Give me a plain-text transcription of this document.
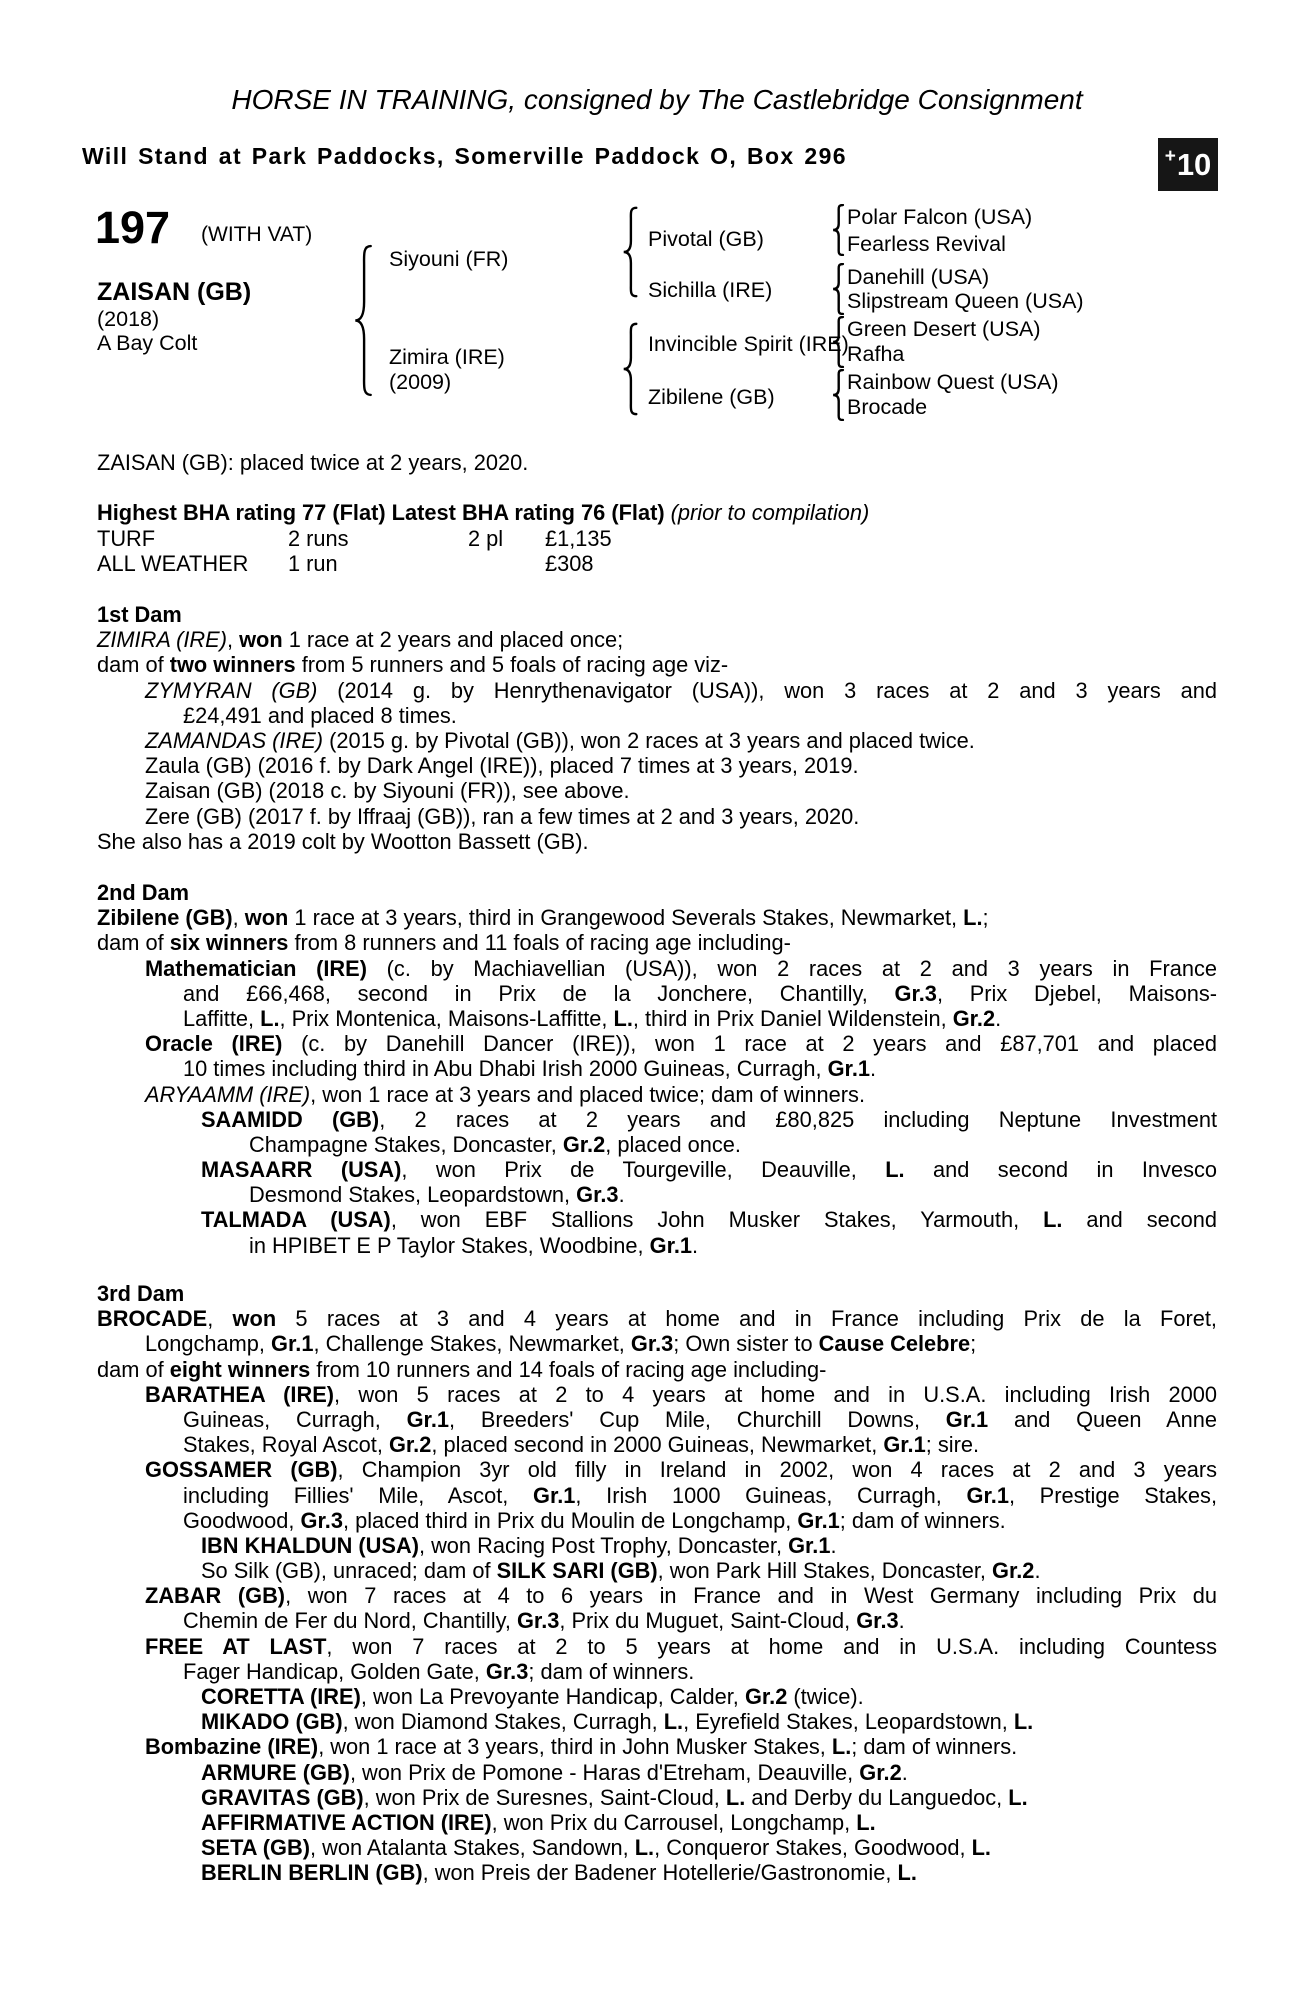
HORSE IN TRAINING, consigned by The Castlebridge Consignment
Will Stand at Park Paddocks, Somerville Paddock O, Box 296	+ 10
197 (WITH VAT)
ZAISAN (GB)
(2018)
A Bay Colt
Siyouni (FR)
Zimira (IRE)
(2009)
Pivotal (GB)
Sichilla (IRE)
Invincible Spirit (IRE)
Zibilene (GB)
Polar Falcon (USA)
Fearless Revival
Danehill (USA)
Slipstream Queen (USA)
Green Desert (USA)
Rafha
Rainbow Quest (USA)
Brocade
ZAISAN (GB): placed twice at 2 years, 2020.
Highest BHA rating 77 (Flat) Latest BHA rating 76 (Flat) (prior to compilation)
TURF	2 runs	2 pl £1,135
ALL WEATHER 1 run	£308
1st Dam
ZIMIRA (IRE), won 1 race at 2 years and placed once;
dam of two winners from 5 runners and 5 foals of racing age viz-
ZYMYRAN (GB) (2014 g. by Henrythenavigator (USA)), won 3 races at 2 and 3 years and
£24,491 and placed 8 times.
ZAMANDAS (IRE) (2015 g. by Pivotal (GB)), won 2 races at 3 years and placed twice.
Zaula (GB) (2016 f. by Dark Angel (IRE)), placed 7 times at 3 years, 2019.
Zaisan (GB) (2018 c. by Siyouni (FR)), see above.
Zere (GB) (2017 f. by Iffraaj (GB)), ran a few times at 2 and 3 years, 2020.
She also has a 2019 colt by Wootton Bassett (GB).
2nd Dam
Zibilene (GB), won 1 race at 3 years, third in Grangewood Severals Stakes, Newmarket, L.;
dam of six winners from 8 runners and 11 foals of racing age including-
Mathematician (IRE) (c. by Machiavellian (USA)), won 2 races at 2 and 3 years in France
and £66,468, second in Prix de la Jonchere, Chantilly, Gr.3, Prix Djebel, Maisons-
Laffitte, L., Prix Montenica, Maisons-Laffitte, L., third in Prix Daniel Wildenstein, Gr.2.
Oracle (IRE) (c. by Danehill Dancer (IRE)), won 1 race at 2 years and £87,701 and placed
10 times including third in Abu Dhabi Irish 2000 Guineas, Curragh, Gr.1.
ARYAAMM (IRE), won 1 race at 3 years and placed twice; dam of winners.
SAAMIDD (GB), 2 races at 2 years and £80,825 including Neptune Investment
Champagne Stakes, Doncaster, Gr.2, placed once.
MASAARR (USA), won Prix de Tourgeville, Deauville, L. and second in Invesco
Desmond Stakes, Leopardstown, Gr.3.
TALMADA (USA), won EBF Stallions John Musker Stakes, Yarmouth, L. and second
in HPIBET E P Taylor Stakes, Woodbine, Gr.1.
3rd Dam
BROCADE, won 5 races at 3 and 4 years at home and in France including Prix de la Foret,
Longchamp, Gr.1, Challenge Stakes, Newmarket, Gr.3; Own sister to Cause Celebre;
dam of eight winners from 10 runners and 14 foals of racing age including-
BARATHEA (IRE), won 5 races at 2 to 4 years at home and in U.S.A. including Irish 2000
Guineas, Curragh, Gr.1, Breeders' Cup Mile, Churchill Downs, Gr.1 and Queen Anne
Stakes, Royal Ascot, Gr.2, placed second in 2000 Guineas, Newmarket, Gr.1; sire.
GOSSAMER (GB), Champion 3yr old filly in Ireland in 2002, won 4 races at 2 and 3 years
including Fillies' Mile, Ascot, Gr.1, Irish 1000 Guineas, Curragh, Gr.1, Prestige Stakes,
Goodwood, Gr.3, placed third in Prix du Moulin de Longchamp, Gr.1; dam of winners.
IBN KHALDUN (USA), won Racing Post Trophy, Doncaster, Gr.1.
So Silk (GB), unraced; dam of SILK SARI (GB), won Park Hill Stakes, Doncaster, Gr.2.
ZABAR (GB), won 7 races at 4 to 6 years in France and in West Germany including Prix du
Chemin de Fer du Nord, Chantilly, Gr.3, Prix du Muguet, Saint-Cloud, Gr.3.
FREE AT LAST, won 7 races at 2 to 5 years at home and in U.S.A. including Countess
Fager Handicap, Golden Gate, Gr.3; dam of winners.
CORETTA (IRE), won La Prevoyante Handicap, Calder, Gr.2 (twice).
MIKADO (GB), won Diamond Stakes, Curragh, L., Eyrefield Stakes, Leopardstown, L.
Bombazine (IRE), won 1 race at 3 years, third in John Musker Stakes, L.; dam of winners.
ARMURE (GB), won Prix de Pomone - Haras d'Etreham, Deauville, Gr.2.
GRAVITAS (GB), won Prix de Suresnes, Saint-Cloud, L. and Derby du Languedoc, L.
AFFIRMATIVE ACTION (IRE), won Prix du Carrousel, Longchamp, L.
SETA (GB), won Atalanta Stakes, Sandown, L., Conqueror Stakes, Goodwood, L.
BERLIN BERLIN (GB), won Preis der Badener Hotellerie/Gastronomie, L.
